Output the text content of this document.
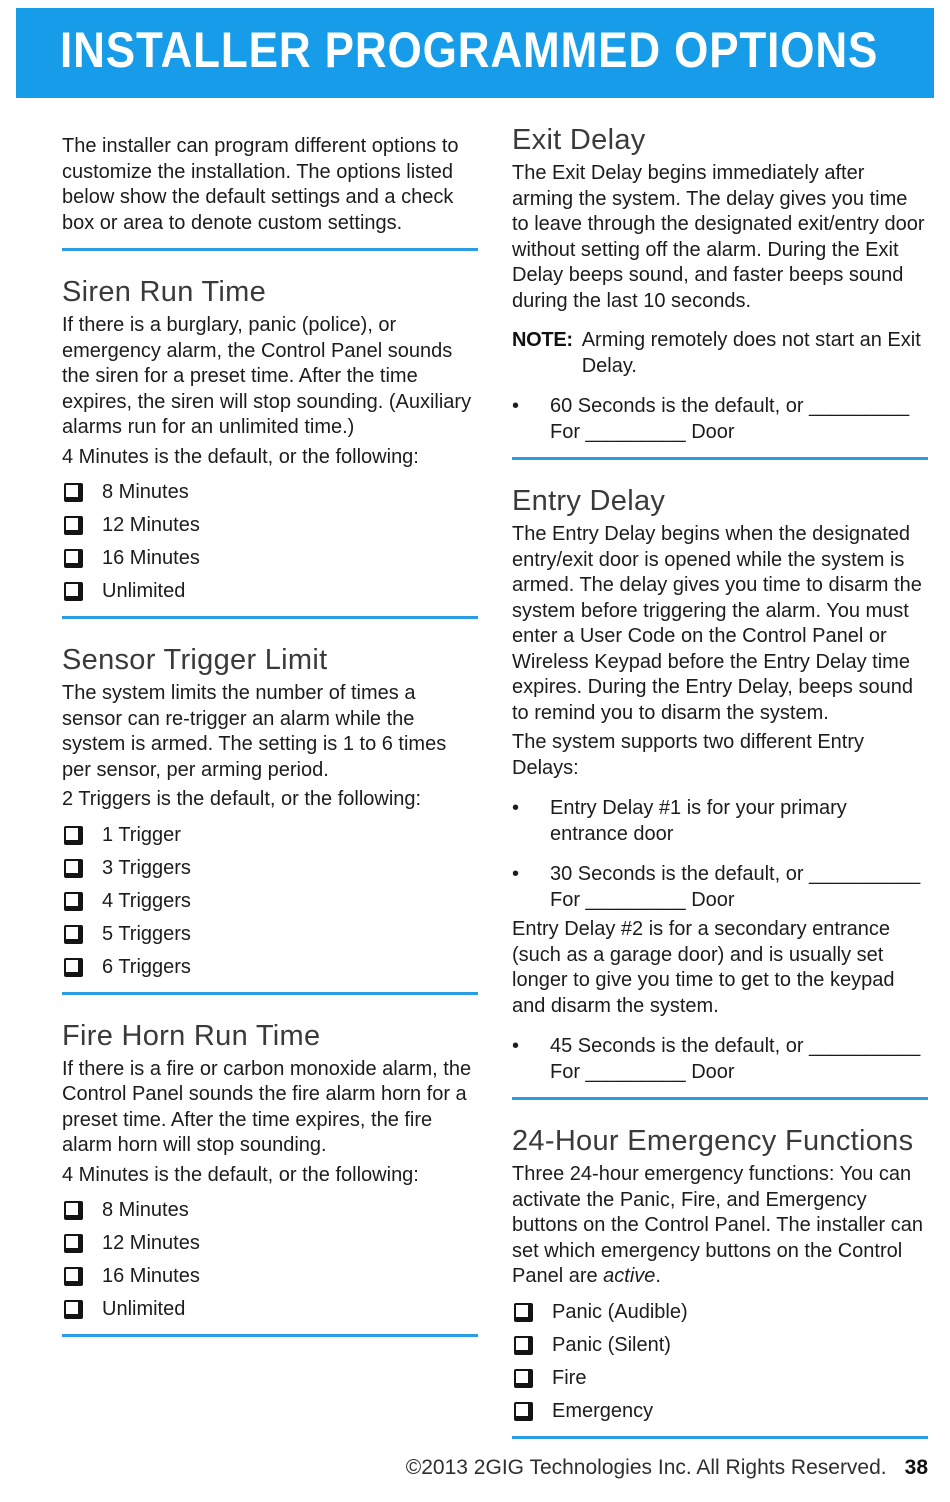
INSTALLER PROGRAMMED OPTIONS

The installer can program different options to customize the installation. The options listed below show the default settings and a check box or area to denote custom settings.

Siren Run Time

If there is a burglary, panic (police), or emergency alarm, the Control Panel sounds the siren for a preset time. After the time expires, the siren will stop sounding. (Auxiliary alarms run for an unlimited time.)

4 Minutes is the default, or the following:

8 Minutes
12 Minutes
16 Minutes
Unlimited
Sensor Trigger Limit

The system limits the number of times a sensor can re-trigger an alarm while the system is armed. The setting is 1 to 6 times per sensor, per arming period.

2 Triggers is the default, or the following:

1 Trigger
3 Triggers
4 Triggers
5 Triggers
6 Triggers
Fire Horn Run Time

If there is a fire or carbon monoxide alarm, the Control Panel sounds the fire alarm horn for a preset time. After the time expires, the fire alarm horn will stop sounding.

4 Minutes is the default, or the following:

8 Minutes
12 Minutes
16 Minutes
Unlimited
Exit Delay

The Exit Delay begins immediately after arming the system. The delay gives you time to leave through the designated exit/entry door without setting off the alarm. During the Exit Delay beeps sound, and faster beeps sound during the last 10 seconds.

NOTE: Arming remotely does not start an Exit Delay.
•
60 Seconds is the default, or _________
For _________ Door
Entry Delay

The Entry Delay begins when the designated entry/exit door is opened while the system is armed. The delay gives you time to disarm the system before triggering the alarm. You must enter a User Code on the Control Panel or Wireless Keypad before the Entry Delay time expires. During the Entry Delay, beeps sound to remind you to disarm the system.

The system supports two different Entry Delays:

•
Entry Delay #1 is for your primary
entrance door
•
30 Seconds is the default, or __________
For _________ Door

Entry Delay #2 is for a secondary entrance (such as a garage door) and is usually set longer to give you time to get to the keypad and disarm the system.

•
45 Seconds is the default, or __________
For _________ Door
24-Hour Emergency Functions

Three 24-hour emergency functions: You can activate the Panic, Fire, and Emergency buttons on the Control Panel. The installer can set which emergency buttons on the Control Panel are active.

Panic (Audible)
Panic (Silent)
Fire
Emergency
©2013 2GIG Technologies Inc. All Rights Reserved. 38
